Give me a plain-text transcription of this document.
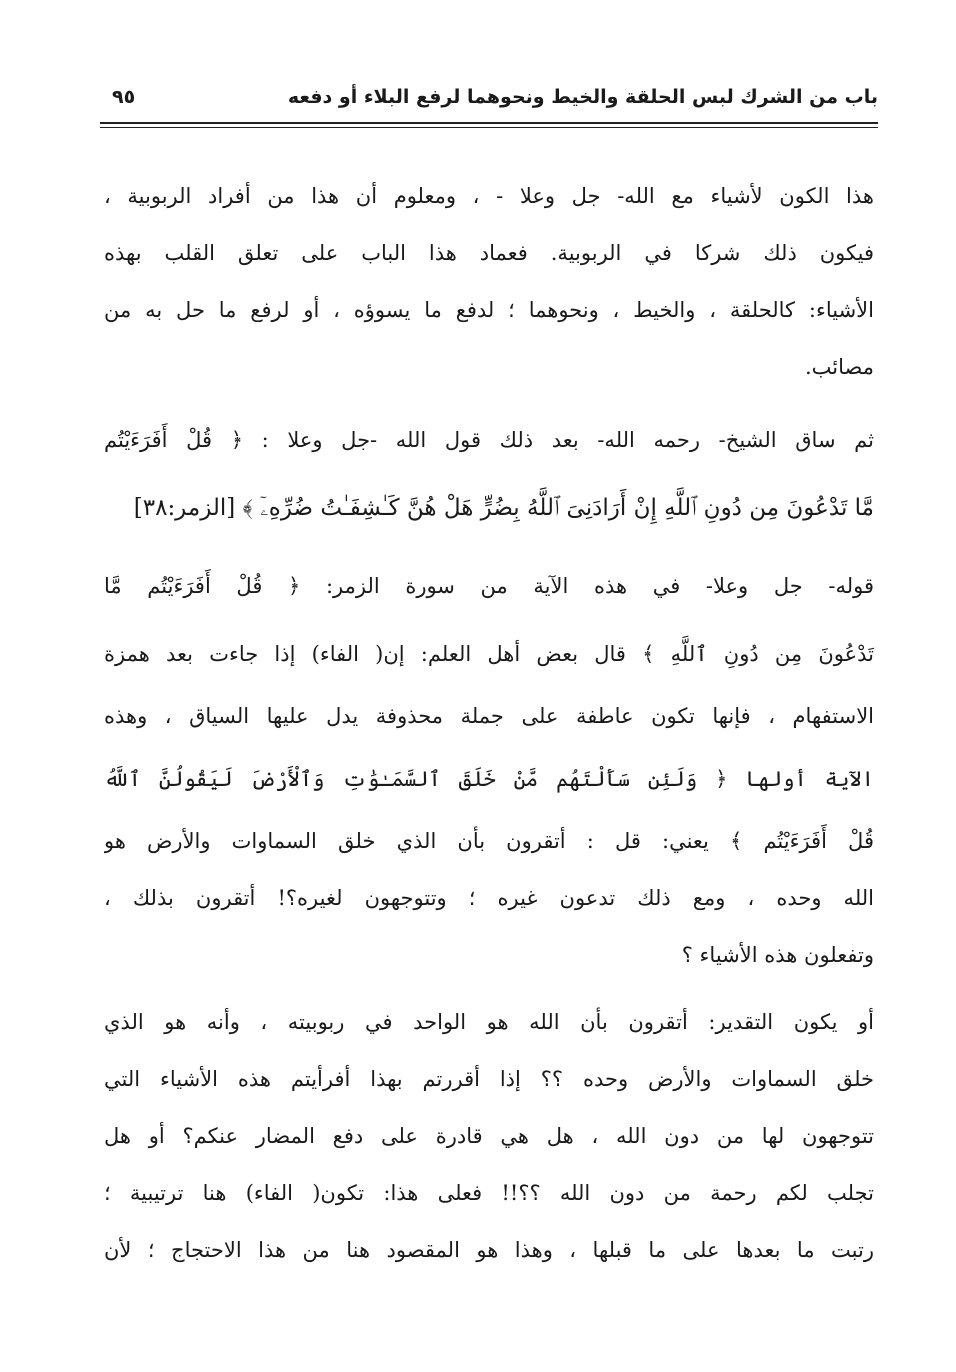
باب من الشرك لبس الحلقة والخيط ونحوهما لرفع البلاء أو دفعه
٩٥
هذا الكون لأشياء مع الله- جل وعلا - ، ومعلوم أن هذا من أفراد الربوبية ،
فيكون ذلك شركا في الربوبية. فعماد هذا الباب على تعلق القلب بهذه
الأشياء: كالحلقة ، والخيط ، ونحوهما ؛ لدفع ما يسوؤه ، أو لرفع ما حل به من
مصائب.
ثم ساق الشيخ- رحمه الله- بعد ذلك قول الله -جل وعلا : ﴿ قُلْ أَفَرَءَيْتُم
مَّا تَدْعُونَ مِن دُونِ ٱللَّهِ إِنْ أَرَادَنِىَ ٱللَّهُ بِضُرٍّ هَلْ هُنَّ كَـٰشِفَـٰتُ ضُرِّهِۦٓ ﴾ [الزمر:٣٨]
قوله- جل وعلا- في هذه الآية من سورة الزمر: ﴿ قُلْ أَفَرَءَيْتُم مَّا
تَدْعُونَ مِن دُونِ ٱللَّهِ ﴾ قال بعض أهل العلم: إن( الفاء) إذا جاءت بعد همزة
الاستفهام ، فإنها تكون عاطفة على جملة محذوفة يدل عليها السياق ، وهذه
الآية أولها ﴿ وَلَئِن سَأَلْتَهُم مَّنْ خَلَقَ ٱلسَّمَـٰوَٰتِ وَٱلْأَرْضَ لَيَقُولُنَّ ٱللَّهُ
قُلْ أَفَرَءَيْتُم ﴾ يعني: قل : أتقرون بأن الذي خلق السماوات والأرض هو
الله وحده ، ومع ذلك تدعون غيره ؛ وتتوجهون لغيره؟! أتقرون بذلك ،
وتفعلون هذه الأشياء ؟
أو يكون التقدير: أتقرون بأن الله هو الواحد في ربوبيته ، وأنه هو الذي
خلق السماوات والأرض وحده ؟؟ إذا أقررتم بهذا أفرأيتم هذه الأشياء التي
تتوجهون لها من دون الله ، هل هي قادرة على دفع المضار عنكم؟ أو هل
تجلب لكم رحمة من دون الله ؟؟!! فعلى هذا: تكون( الفاء) هنا ترتيبية ؛
رتبت ما بعدها على ما قبلها ، وهذا هو المقصود هنا من هذا الاحتجاج ؛ لأن
